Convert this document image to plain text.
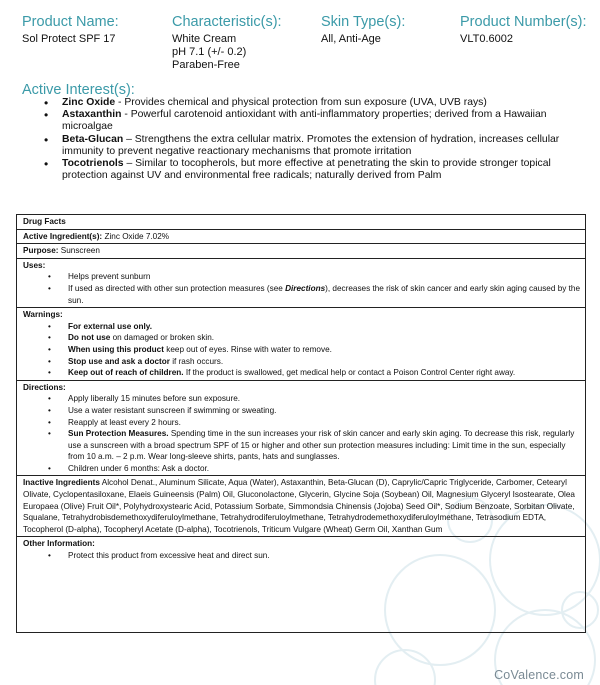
Product Name:
Sol Protect SPF 17
Characteristic(s):
White Cream
pH 7.1 (+/- 0.2)
Paraben-Free
Skin Type(s):
All, Anti-Age
Product Number(s):
VLT0.6002
Active Interest(s):
• Zinc Oxide - Provides chemical and physical protection from sun exposure (UVA, UVB rays)
• Astaxanthin - Powerful carotenoid antioxidant with anti-inflammatory properties; derived from a Hawaiian microalgae
• Beta-Glucan – Strengthens the extra cellular matrix. Promotes the extension of hydration, increases cellular immunity to prevent negative reactionary mechanisms that promote irritation
• Tocotrienols – Similar to tocopherols, but more effective at penetrating the skin to provide stronger topical protection against UV and environmental free radicals; naturally derived from Palm
Drug Facts
Active Ingredient(s): Zinc Oxide 7.02%
Purpose: Sunscreen
Uses:
• Helps prevent sunburn
• If used as directed with other sun protection measures (see Directions), decreases the risk of skin cancer and early skin aging caused by the sun.
Warnings:
• For external use only.
• Do not use on damaged or broken skin.
• When using this product keep out of eyes. Rinse with water to remove.
• Stop use and ask a doctor if rash occurs.
• Keep out of reach of children. If the product is swallowed, get medical help or contact a Poison Control Center right away.
Directions:
• Apply liberally 15 minutes before sun exposure.
• Use a water resistant sunscreen if swimming or sweating.
• Reapply at least every 2 hours.
• Sun Protection Measures. Spending time in the sun increases your risk of skin cancer and early skin aging. To decrease this risk, regularly use a sunscreen with a broad spectrum SPF of 15 or higher and other sun protection measures including: Limit time in the sun, especially from 10 a.m. – 2 p.m. Wear long-sleeve shirts, pants, hats and sunglasses.
• Children under 6 months: Ask a doctor.
Inactive Ingredients Alcohol Denat., Aluminum Silicate, Aqua (Water), Astaxanthin, Beta-Glucan (D), Caprylic/Capric Triglyceride, Carbomer, Cetearyl Olivate, Cyclopentasiloxane, Elaeis Guineensis (Palm) Oil, Gluconolactone, Glycerin, Glycine Soja (Soybean) Oil, Magnesium Glyceryl Isostearate, Olea Europaea (Olive) Fruit Oil*, Polyhydroxystearic Acid, Potassium Sorbate, Simmondsia Chinensis (Jojoba) Seed Oil*, Sodium Benzoate, Sorbitan Olivate, Squalane, Tetrahydrobisdemethoxydiferuloylmethane, Tetrahydrodiferuloylmethane, Tetrahydrodemethoxydiferuloylmethane, Tetrasodium EDTA, Tocopherol (D-alpha), Tocopheryl Acetate (D-alpha), Tocotrienols, Triticum Vulgare (Wheat) Germ Oil, Xanthan Gum
Other Information:
• Protect this product from excessive heat and direct sun.
CoValence.com
